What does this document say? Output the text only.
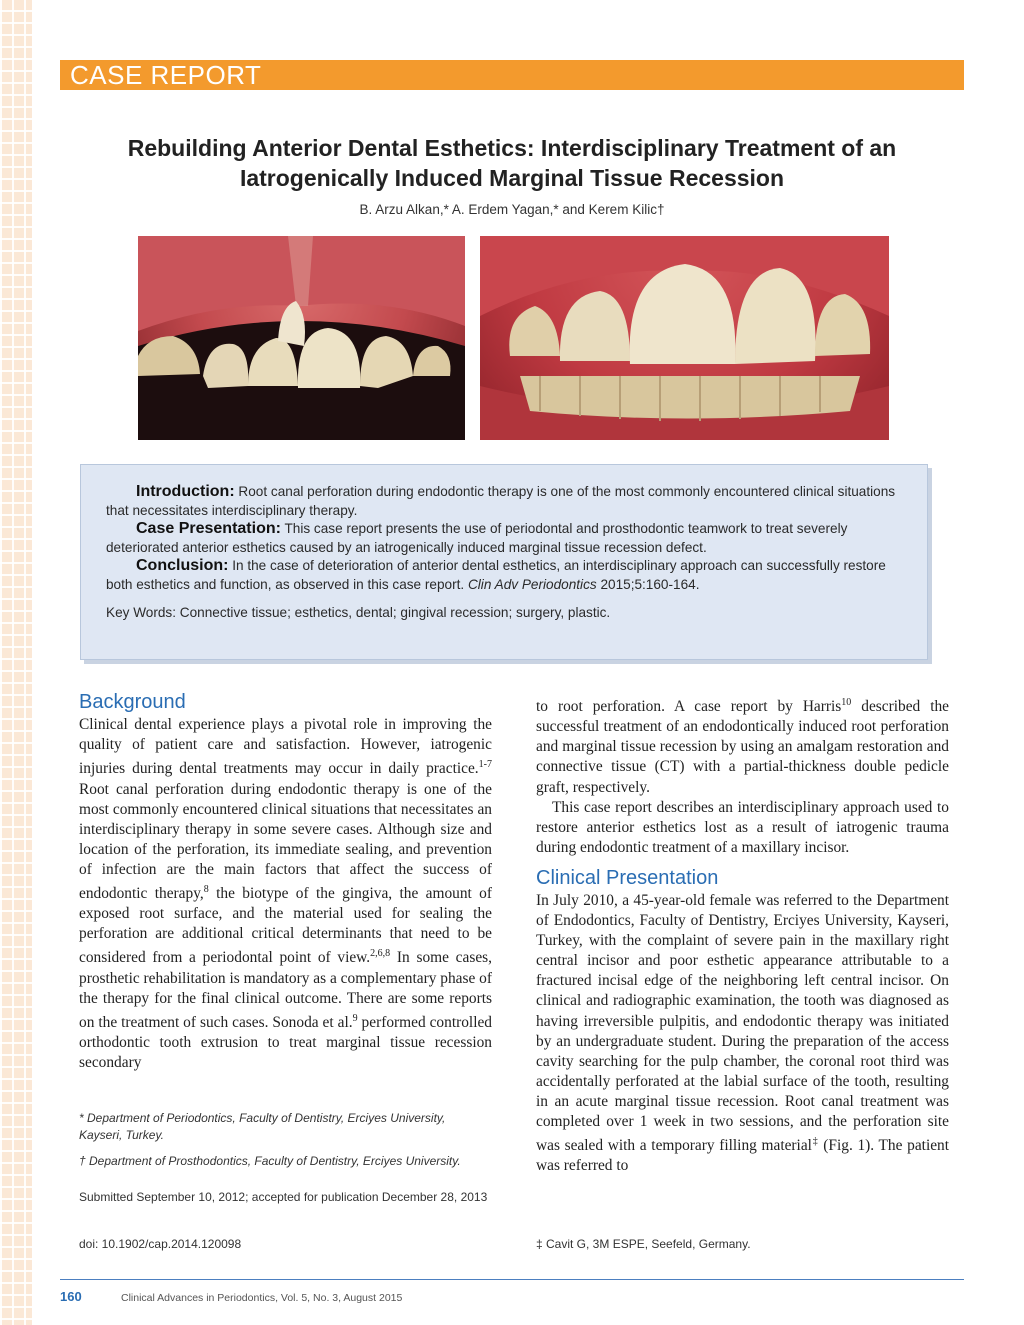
CASE REPORT
Rebuilding Anterior Dental Esthetics: Interdisciplinary Treatment of an Iatrogenically Induced Marginal Tissue Recession
B. Arzu Alkan,* A. Erdem Yagan,* and Kerem Kilic†

Introduction: Root canal perforation during endodontic therapy is one of the most commonly encountered clinical situations that necessitates interdisciplinary therapy.

Case Presentation: This case report presents the use of periodontal and prosthodontic teamwork to treat severely deteriorated anterior esthetics caused by an iatrogenically induced marginal tissue recession defect.

Conclusion: In the case of deterioration of anterior dental esthetics, an interdisciplinary approach can successfully restore both esthetics and function, as observed in this case report. Clin Adv Periodontics 2015;5:160-164.

Key Words: Connective tissue; esthetics, dental; gingival recession; surgery, plastic.

Background

Clinical dental experience plays a pivotal role in improving the quality of patient care and satisfaction. However, iatrogenic injuries during dental treatments may occur in daily practice.$^{1-7}$ Root canal perforation during endodontic therapy is one of the most commonly encountered clinical situations that necessitates an interdisciplinary therapy in some severe cases. Although size and location of the perforation, its immediate sealing, and prevention of infection are the main factors that affect the success of endodontic therapy,$^8$ the biotype of the gingiva, the amount of exposed root surface, and the material used for sealing the perforation are additional critical determinants that need to be considered from a periodontal point of view.$^{2,6,8}$ In some cases, prosthetic rehabilitation is mandatory as a complementary phase of the therapy for the final clinical outcome. There are some reports on the treatment of such cases. Sonoda et al.$^9$ performed controlled orthodontic tooth extrusion to treat marginal tissue recession secondary

* Department of Periodontics, Faculty of Dentistry, Erciyes University, Kayseri, Turkey.
† Department of Prosthodontics, Faculty of Dentistry, Erciyes University.
Submitted September 10, 2012; accepted for publication December 28, 2013
doi: 10.1902/cap.2014.120098

to root perforation. A case report by Harris$^{10}$ described the successful treatment of an endodontically induced root perforation and marginal tissue recession by using an amalgam restoration and connective tissue (CT) with a partial-thickness double pedicle graft, respectively.

This case report describes an interdisciplinary approach used to restore anterior esthetics lost as a result of iatrogenic trauma during endodontic treatment of a maxillary incisor.

Clinical Presentation

In July 2010, a 45-year-old female was referred to the Department of Endodontics, Faculty of Dentistry, Erciyes University, Kayseri, Turkey, with the complaint of severe pain in the maxillary right central incisor and poor esthetic appearance attributable to a fractured incisal edge of the neighboring left central incisor. On clinical and radiographic examination, the tooth was diagnosed as having irreversible pulpitis, and endodontic therapy was initiated by an undergraduate student. During the preparation of the access cavity searching for the pulp chamber, the coronal root third was accidentally perforated at the labial surface of the tooth, resulting in an acute marginal tissue recession. Root canal treatment was completed over 1 week in two sessions, and the perforation site was sealed with a temporary filling material‡ (Fig. 1). The patient was referred to

‡ Cavit G, 3M ESPE, Seefeld, Germany.
160	Clinical Advances in Periodontics, Vol. 5, No. 3, August 2015
